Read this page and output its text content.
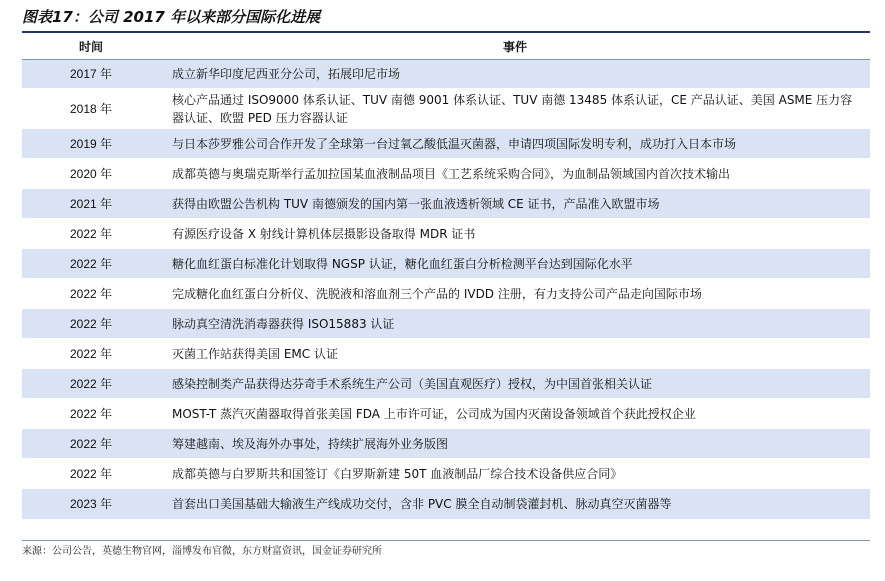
图表17：公司 2017 年以来部分国际化进展
时间	事件
2017 年	成立新华印度尼西亚分公司，拓展印尼市场
2018 年	核心产品通过 ISO9000 体系认证、TUV 南德 9001 体系认证、TUV 南德 13485 体系认证，CE 产品认证、美国 ASME 压力容器认证、欧盟 PED 压力容器认证
2019 年	与日本莎罗雅公司合作开发了全球第一台过氧乙酸低温灭菌器，申请四项国际发明专利，成功打入日本市场
2020 年	成都英德与奥瑞克斯举行孟加拉国某血液制品项目《工艺系统采购合同》，为血制品领域国内首次技术输出
2021 年	获得由欧盟公告机构 TUV 南德颁发的国内第一张血液透析领域 CE 证书，产品准入欧盟市场
2022 年	有源医疗设备 X 射线计算机体层摄影设备取得 MDR 证书
2022 年	糖化血红蛋白标准化计划取得 NGSP 认证，糖化血红蛋白分析检测平台达到国际化水平
2022 年	完成糖化血红蛋白分析仪、洗脱液和溶血剂三个产品的 IVDD 注册，有力支持公司产品走向国际市场
2022 年	脉动真空清洗消毒器获得 ISO15883 认证
2022 年	灭菌工作站获得美国 EMC 认证
2022 年	感染控制类产品获得达芬奇手术系统生产公司（美国直观医疗）授权，为中国首张相关认证
2022 年	MOST-T 蒸汽灭菌器取得首张美国 FDA 上市许可证，公司成为国内灭菌设备领域首个获此授权企业
2022 年	筹建越南、埃及海外办事处，持续扩展海外业务版图
2022 年	成都英德与白罗斯共和国签订《白罗斯新建 50T 血液制品厂综合技术设备供应合同》
2023 年	首套出口美国基础大输液生产线成功交付，含非 PVC 膜全自动制袋灌封机、脉动真空灭菌器等
来源：公司公告，英德生物官网，淄博发布官微，东方财富资讯，国金证券研究所
